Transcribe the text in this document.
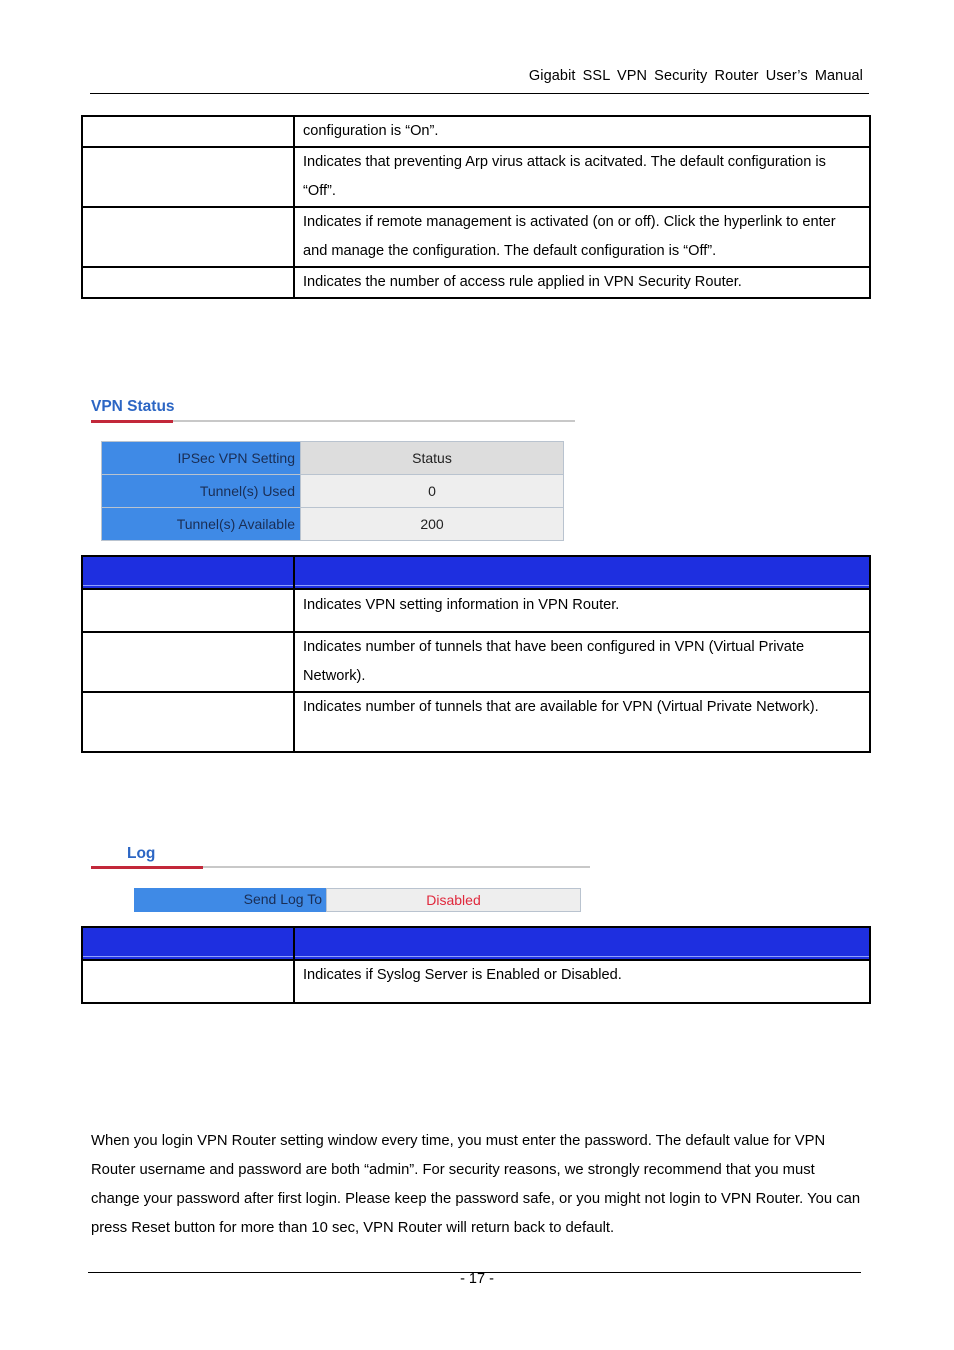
Gigabit SSL VPN Security Router User’s Manual
	configuration is “On”.
	Indicates that preventing Arp virus attack is acitvated. The default configuration is “Off”.
	Indicates if remote management is activated (on or off). Click the hyperlink to enter and manage the configuration. The default configuration is “Off”.
	Indicates the number of access rule applied in VPN Security Router.
VPN Status
IPSec VPN Setting	Status
Tunnel(s) Used	0
Tunnel(s) Available	200

	Indicates VPN setting information in VPN Router.
	Indicates number of tunnels that have been configured in VPN (Virtual Private Network).
	Indicates number of tunnels that are available for VPN (Virtual Private Network).
Log
Send Log To	Disabled

	Indicates if Syslog Server is Enabled or Disabled.
When you login VPN Router setting window every time, you must enter the password. The default value for VPN Router username and password are both “admin”. For security reasons, we strongly recommend that you must change your password after first login. Please keep the password safe, or you might not login to VPN Router. You can press Reset button for more than 10 sec, VPN Router will return back to default.
- 17 -
